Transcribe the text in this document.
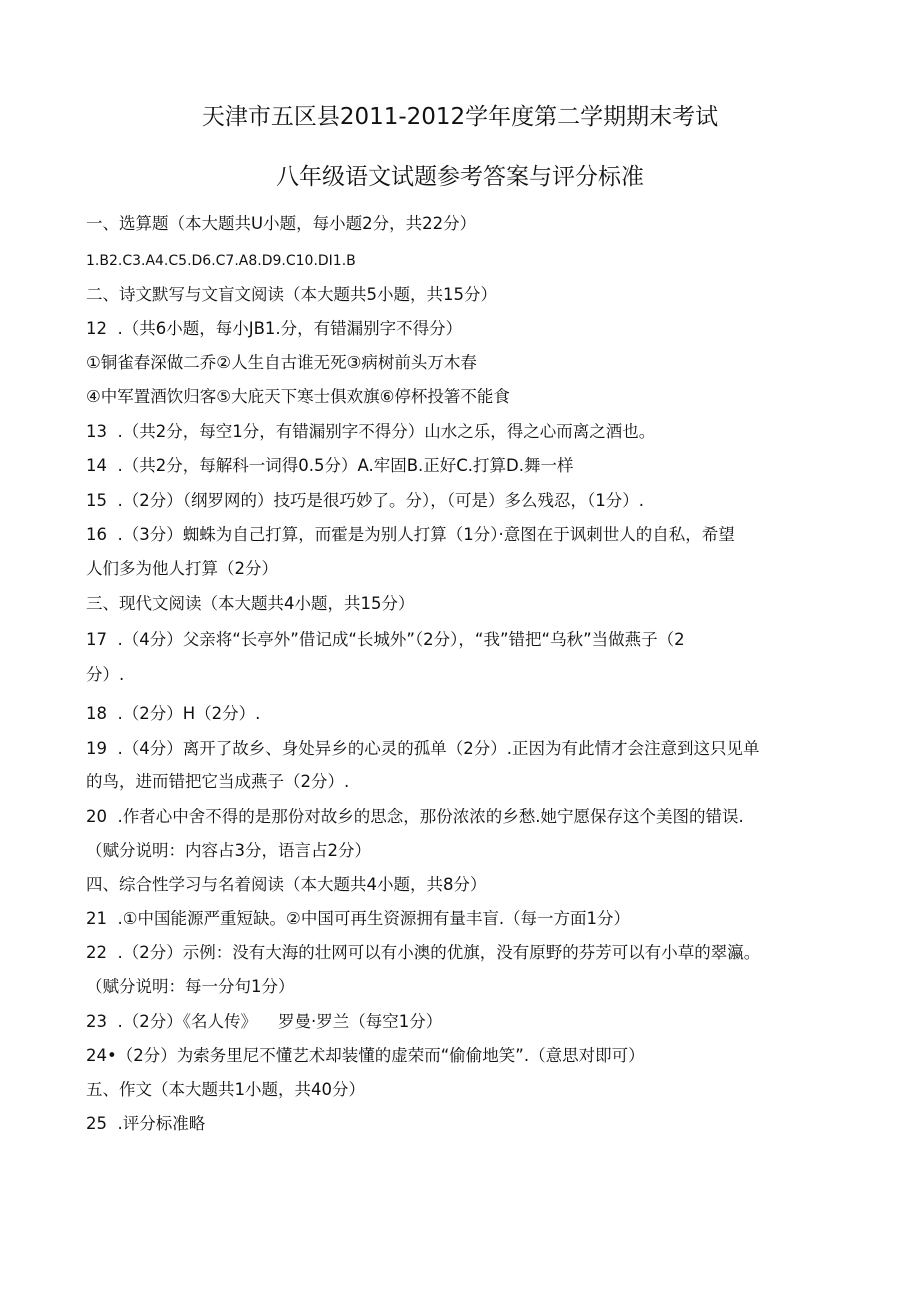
天津市五区县2011-2012学年度第二学期期末考试
八年级语文试题参考答案与评分标准
一、选算题（本大题共U小题，每小题2分，共22分）
1.B2.C3.A4.C5.D6.C7.A8.D9.C10.DI1.B
二、诗文默写与文盲文阅读（本大题共5小题，共15分）
12  .（共6小题，每小JB1.分，有错漏别字不得分）
①铜雀春深做二乔②人生自古谁无死③病树前头万木春
④中军置酒饮归客⑤大庇天下寒士俱欢旗⑥停杯投箸不能食
13  .（共2分，每空1分，有错漏别字不得分）山水之乐，得之心而离之酒也。
14  .（共2分，每解科一词得0.5分）A.牢固B.正好C.打算D.舞一样
15  .（2分）（纲罗网的）技巧是很巧妙了。分），（可是）多么残忍，（1分）.
16  .（3分）蜘蛛为自己打算，而霍是为别人打算（1分）·意图在于讽刺世人的自私，希望
人们多为他人打算（2分）
三、现代文阅读（本大题共4小题，共15分）
17  .（4分）父亲将“长亭外”借记成“长城外”（2分），“我”错把“乌秋”当做燕子（2
分）.
18  .（2分）H（2分）.
19  .（4分）离开了故乡、身处异乡的心灵的孤单（2分）.正因为有此情才会注意到这只见单
的鸟，进而错把它当成燕子（2分）.
20  .作者心中舍不得的是那份对故乡的思念，那份浓浓的乡愁.她宁愿保存这个美图的错误.
（赋分说明：内容占3分，语言占2分）
四、综合性学习与名着阅读（本大题共4小题，共8分）
21  .①中国能源严重短缺。②中国可再生资源拥有量丰盲.（每一方面1分）
22  .（2分）示例：没有大海的壮网可以有小澳的优旗，没有原野的芬芳可以有小草的翠瀛。
（赋分说明：每一分句1分）
23  .（2分）《名人传》    罗曼·罗兰（每空1分）
24•（2分）为索务里尼不懂艺术却装懂的虚荣而“偷偷地笑”.（意思对即可）
五、作文（本大题共1小题，共40分）
25  .评分标准略
